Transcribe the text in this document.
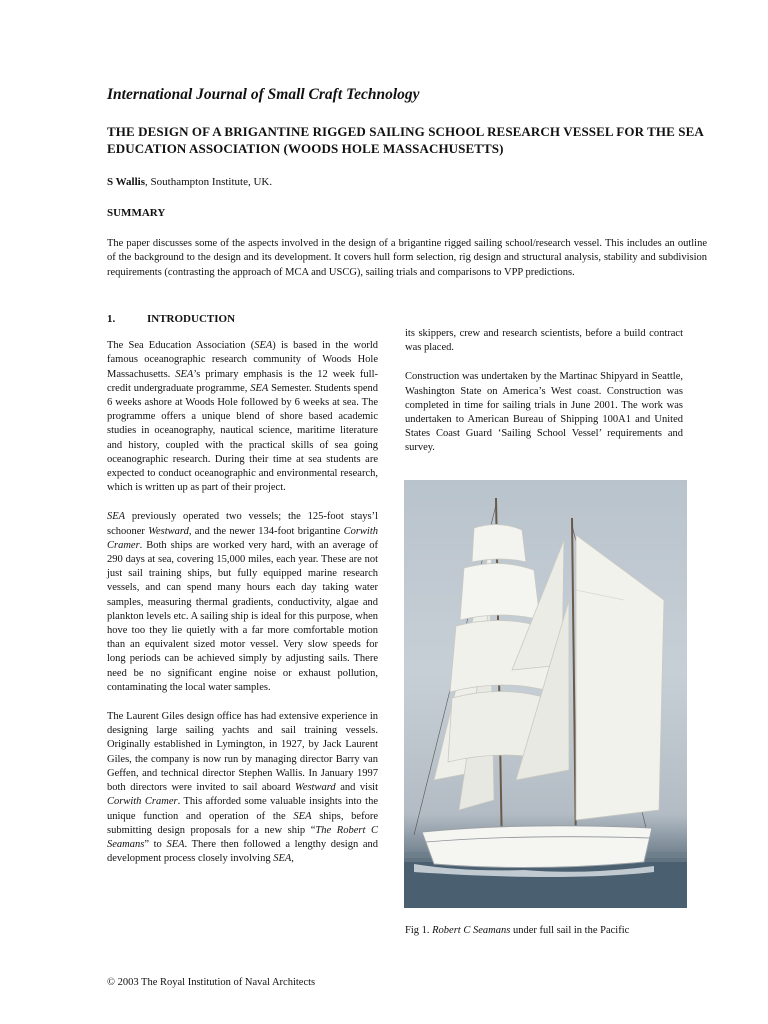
International Journal of Small Craft Technology
THE DESIGN OF A BRIGANTINE RIGGED SAILING SCHOOL RESEARCH VESSEL FOR THE SEA EDUCATION ASSOCIATION (WOODS HOLE MASSACHUSETTS)
S Wallis, Southampton Institute, UK.
SUMMARY
The paper discusses some of the aspects involved in the design of a brigantine rigged sailing school/research vessel. This includes an outline of the background to the design and its development. It covers hull form selection, rig design and structural analysis, stability and subdivision requirements (contrasting the approach of MCA and USCG), sailing trials and comparisons to VPP predictions.
1.	INTRODUCTION

The Sea Education Association (SEA) is based in the world famous oceanographic research community of Woods Hole Massachusetts. SEA’s primary emphasis is the 12 week full-credit undergraduate programme, SEA Semester. Students spend 6 weeks ashore at Woods Hole followed by 6 weeks at sea. The programme offers a unique blend of shore based academic studies in oceanography, nautical science, maritime literature and history, coupled with the practical skills of sea going oceanographic research. During their time at sea students are expected to conduct oceanographic and environmental research, which is written up as part of their project.

SEA previously operated two vessels; the 125-foot stays’l schooner Westward, and the newer 134-foot brigantine Corwith Cramer. Both ships are worked very hard, with an average of 290 days at sea, covering 15,000 miles, each year. These are not just sail training ships, but fully equipped marine research vessels, and can spend many hours each day taking water samples, measuring thermal gradients, conductivity, algae and plankton levels etc. A sailing ship is ideal for this purpose, when hove too they lie quietly with a far more comfortable motion than an equivalent sized motor vessel. Very slow speeds for long periods can be achieved simply by adjusting sails. There need be no significant engine noise or exhaust pollution, contaminating the local water samples.

The Laurent Giles design office has had extensive experience in designing large sailing yachts and sail training vessels. Originally established in Lymington, in 1927, by Jack Laurent Giles, the company is now run by managing director Barry van Geffen, and technical director Stephen Wallis. In January 1997 both directors were invited to sail aboard Westward and visit Corwith Cramer. This afforded some valuable insights into the unique function and operation of the SEA ships, before submitting design proposals for a new ship “The Robert C Seamans” to SEA. There then followed a lengthy design and development process closely involving SEA,

its skippers, crew and research scientists, before a build contract was placed.

Construction was undertaken by the Martinac Shipyard in Seattle, Washington State on America’s West coast. Construction was completed in time for sailing trials in June 2001. The work was undertaken to American Bureau of Shipping 100A1 and United States Coast Guard ‘Sailing School Vessel’ requirements and survey.

Fig 1. Robert C Seamans under full sail in the Pacific
© 2003 The Royal Institution of Naval Architects
